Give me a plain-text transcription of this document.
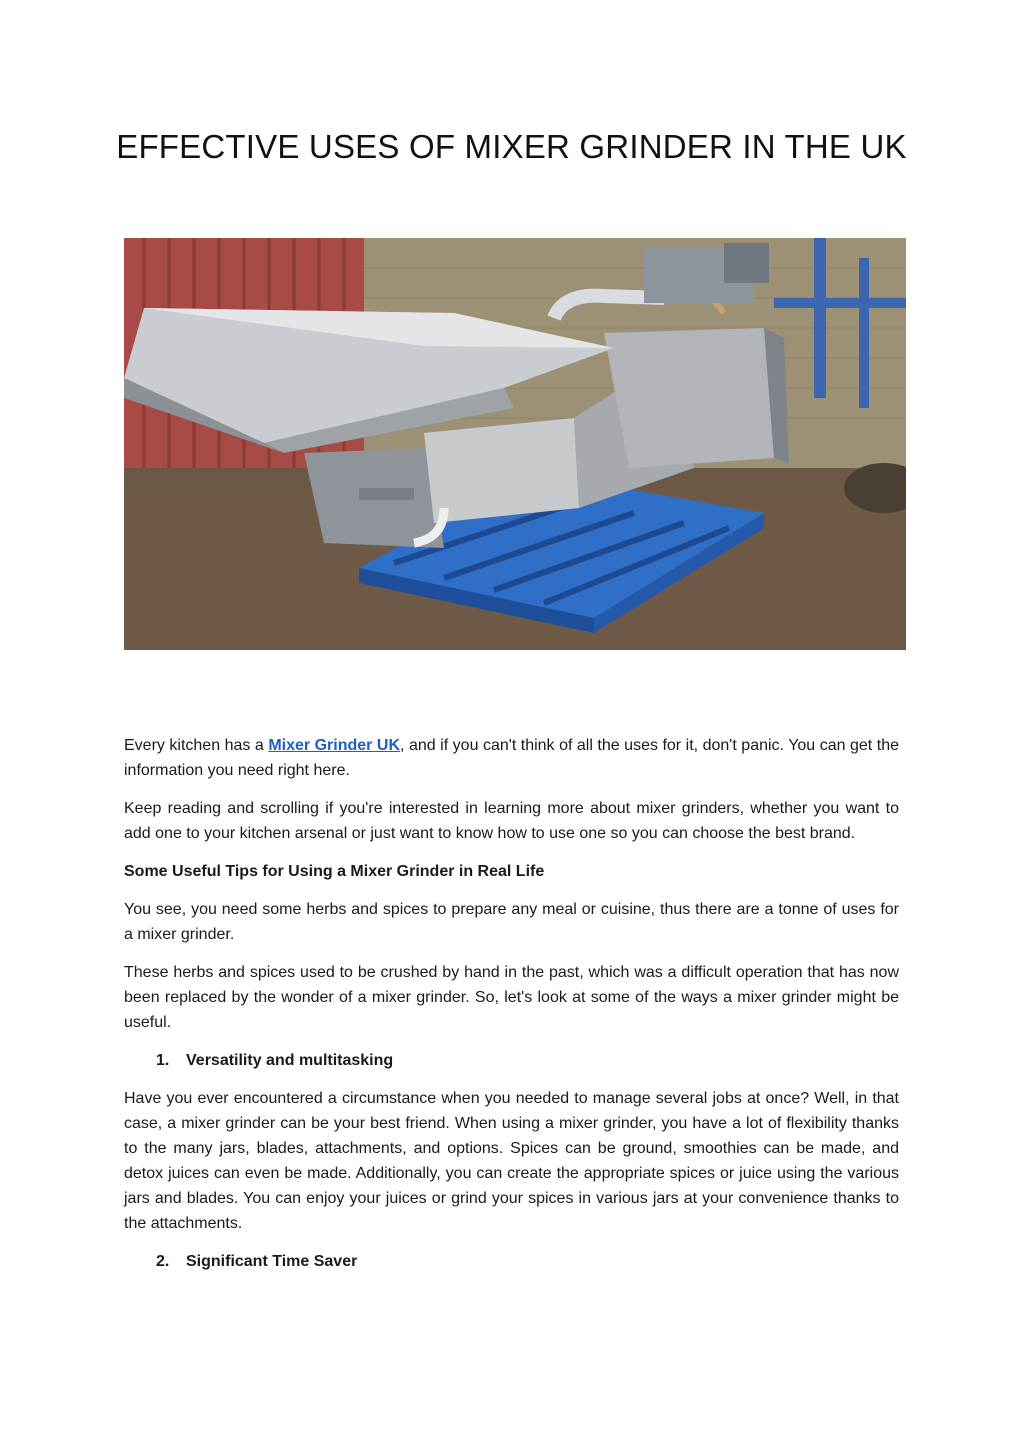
EFFECTIVE USES OF MIXER GRINDER IN THE UK

Every kitchen has a Mixer Grinder UK, and if you can't think of all the uses for it, don't panic. You can get the information you need right here.

Keep reading and scrolling if you're interested in learning more about mixer grinders, whether you want to add one to your kitchen arsenal or just want to know how to use one so you can choose the best brand.

Some Useful Tips for Using a Mixer Grinder in Real Life

You see, you need some herbs and spices to prepare any meal or cuisine, thus there are a tonne of uses for a mixer grinder.

These herbs and spices used to be crushed by hand in the past, which was a difficult operation that has now been replaced by the wonder of a mixer grinder. So, let's look at some of the ways a mixer grinder might be useful.

1. Versatility and multitasking

Have you ever encountered a circumstance when you needed to manage several jobs at once? Well, in that case, a mixer grinder can be your best friend. When using a mixer grinder, you have a lot of flexibility thanks to the many jars, blades, attachments, and options. Spices can be ground, smoothies can be made, and detox juices can even be made. Additionally, you can create the appropriate spices or juice using the various jars and blades. You can enjoy your juices or grind your spices in various jars at your convenience thanks to the attachments.

2. Significant Time Saver
